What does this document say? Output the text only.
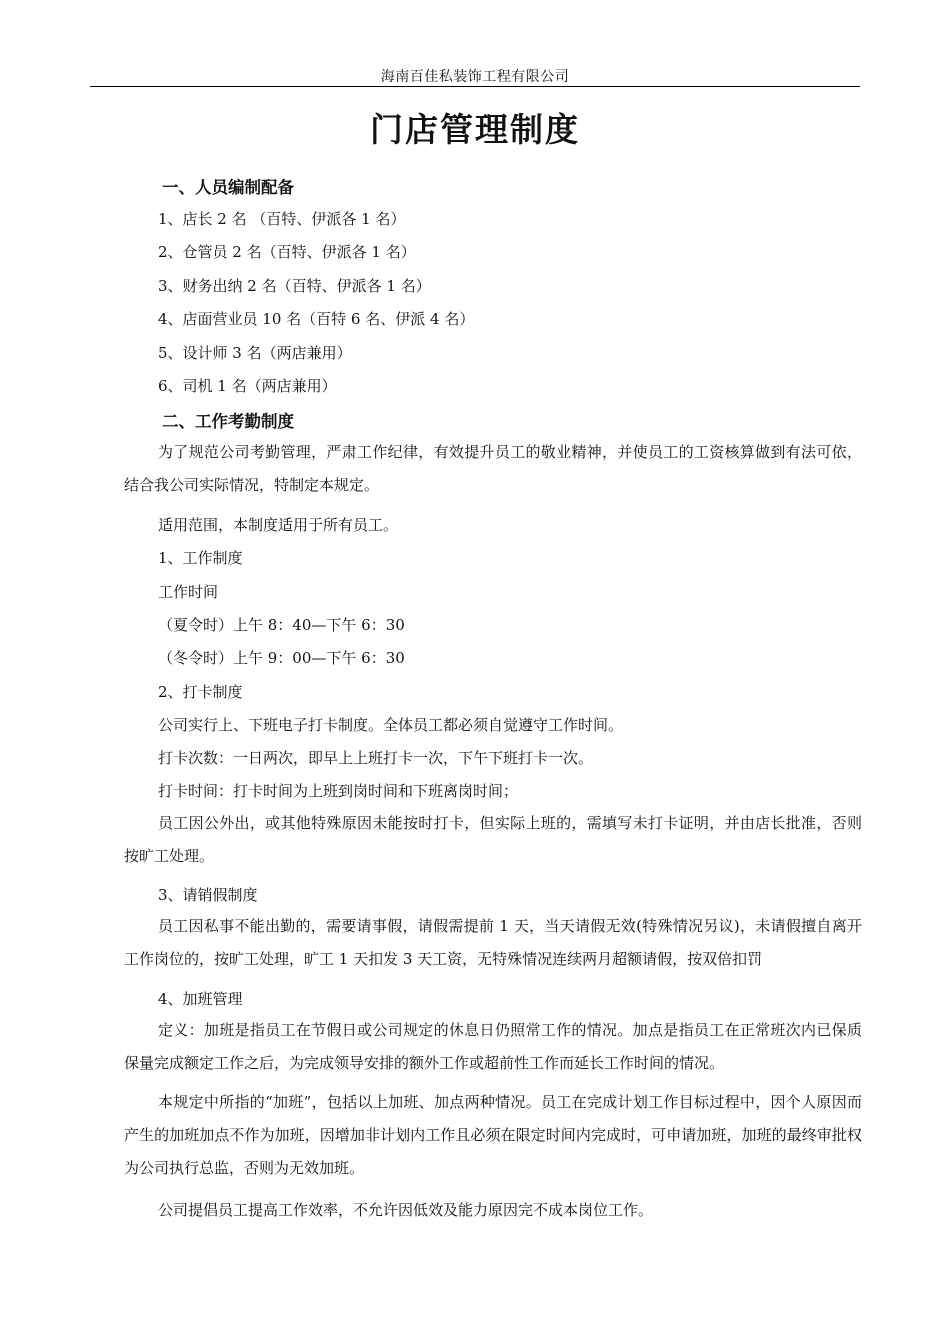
海南百佳私装饰工程有限公司
门店管理制度
一、人员编制配备
1、店长 2 名 （百特、伊派各 1 名）
2、仓管员 2 名（百特、伊派各 1 名）
3、财务出纳 2 名（百特、伊派各 1 名）
4、店面营业员 10 名（百特 6 名、伊派 4 名）
5、设计师 3 名（两店兼用）
6、司机 1 名（两店兼用）
二、工作考勤制度
为了规范公司考勤管理，严肃工作纪律，有效提升员工的敬业精神，并使员工的工资核算做到有法可依，结合我公司实际情况，特制定本规定。
适用范围，本制度适用于所有员工。
1、工作制度
工作时间
（夏令时）上午 8：40—下午 6：30
（冬令时）上午 9：00—下午 6：30
2、打卡制度
公司实行上、下班电子打卡制度。全体员工都必须自觉遵守工作时间。
打卡次数：一日两次，即早上上班打卡一次，下午下班打卡一次。
打卡时间：打卡时间为上班到岗时间和下班离岗时间；
员工因公外出，或其他特殊原因未能按时打卡，但实际上班的，需填写未打卡证明，并由店长批准，否则按旷工处理。
3、请销假制度
员工因私事不能出勤的，需要请事假，请假需提前 1 天，当天请假无效(特殊情况另议)，未请假擅自离开工作岗位的，按旷工处理，旷工 1 天扣发 3 天工资，无特殊情况连续两月超额请假，按双倍扣罚
4、加班管理
定义：加班是指员工在节假日或公司规定的休息日仍照常工作的情况。加点是指员工在正常班次内已保质保量完成额定工作之后，为完成领导安排的额外工作或超前性工作而延长工作时间的情况。
本规定中所指的“加班”，包括以上加班、加点两种情况。员工在完成计划工作目标过程中，因个人原因而产生的加班加点不作为加班，因增加非计划内工作且必须在限定时间内完成时，可申请加班，加班的最终审批权为公司执行总监，否则为无效加班。
公司提倡员工提高工作效率，不允许因低效及能力原因完不成本岗位工作。
